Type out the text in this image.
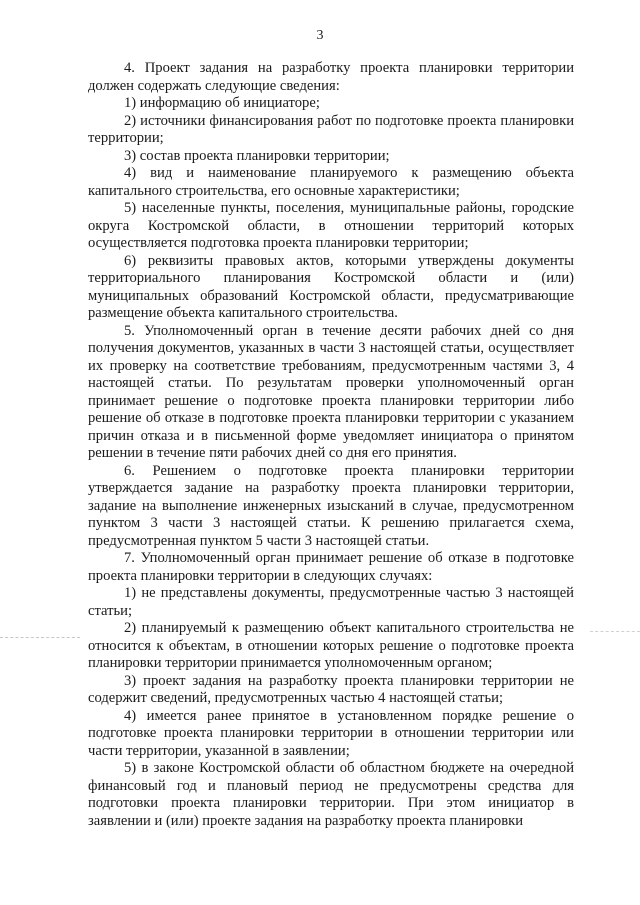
3

4. Проект задания на разработку проекта планировки территории должен содержать следующие сведения:

1) информацию об инициаторе;

2) источники финансирования работ по подготовке проекта планировки территории;

3) состав проекта планировки территории;

4) вид и наименование планируемого к размещению объекта капитального строительства, его основные характеристики;

5) населенные пункты, поселения, муниципальные районы, городские округа Костромской области, в отношении территорий которых осуществляется подготовка проекта планировки территории;

6) реквизиты правовых актов, которыми утверждены документы территориального планирования Костромской области и (или) муниципальных образований Костромской области, предусматривающие размещение объекта капитального строительства.

5. Уполномоченный орган в течение десяти рабочих дней со дня получения документов, указанных в части 3 настоящей статьи, осуществляет их проверку на соответствие требованиям, предусмотренным частями 3, 4 настоящей статьи. По результатам проверки уполномоченный орган принимает решение о подготовке проекта планировки территории либо решение об отказе в подготовке проекта планировки территории с указанием причин отказа и в письменной форме уведомляет инициатора о принятом решении в течение пяти рабочих дней со дня его принятия.

6. Решением о подготовке проекта планировки территории утверждается задание на разработку проекта планировки территории, задание на выполнение инженерных изысканий в случае, предусмотренном пунктом 3 части 3 настоящей статьи. К решению прилагается схема, предусмотренная пунктом 5 части 3 настоящей статьи.

7. Уполномоченный орган принимает решение об отказе в подготовке проекта планировки территории в следующих случаях:

1) не представлены документы, предусмотренные частью 3 настоящей статьи;

2) планируемый к размещению объект капитального строительства не относится к объектам, в отношении которых решение о подготовке проекта планировки территории принимается уполномоченным органом;

3) проект задания на разработку проекта планировки территории не содержит сведений, предусмотренных частью 4 настоящей статьи;

4) имеется ранее принятое в установленном порядке решение о подготовке проекта планировки территории в отношении территории или части территории, указанной в заявлении;

5) в законе Костромской области об областном бюджете на очередной финансовый год и плановый период не предусмотрены средства для подготовки проекта планировки территории. При этом инициатор в заявлении и (или) проекте задания на разработку проекта планировки
